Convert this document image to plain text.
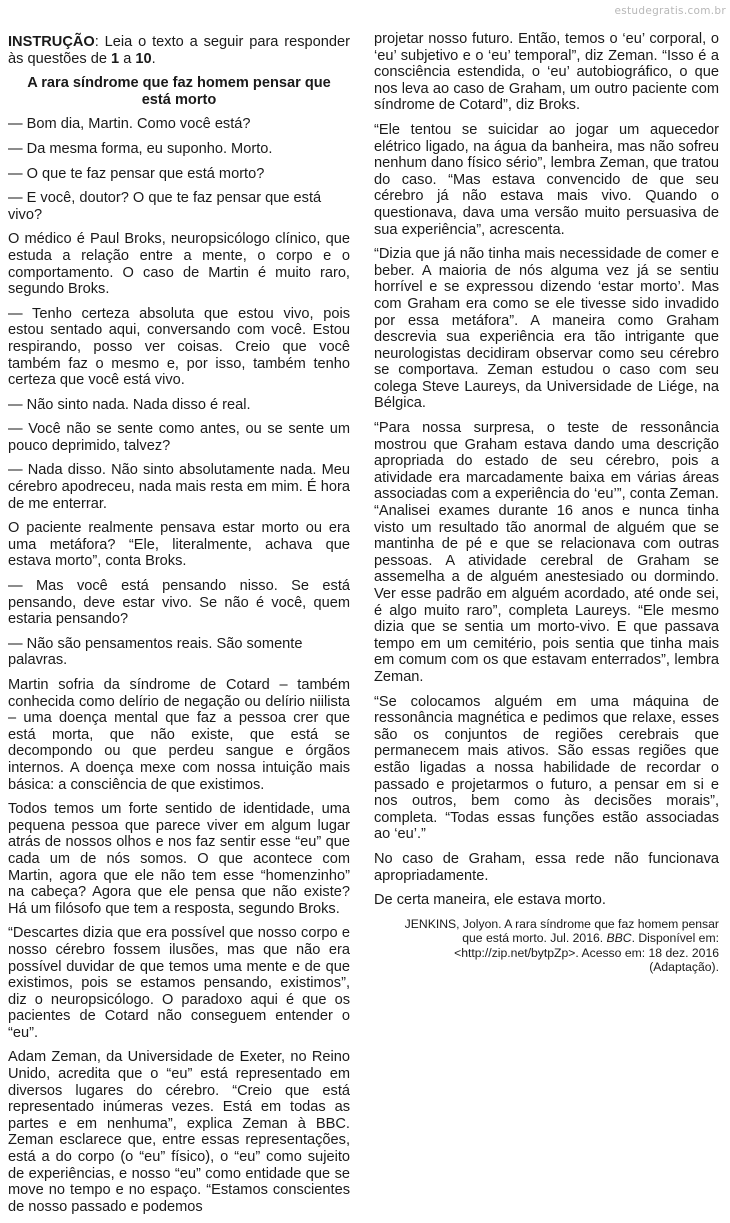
estudegratis.com.br

INSTRUÇÃO: Leia o texto a seguir para responder às questões de 1 a 10.

A rara síndrome que faz homem pensar que está morto

— Bom dia, Martin. Como você está?

— Da mesma forma, eu suponho. Morto.

— O que te faz pensar que está morto?

— E você, doutor? O que te faz pensar que está vivo?

O médico é Paul Broks, neuropsicólogo clínico, que estuda a relação entre a mente, o corpo e o comportamento. O caso de Martin é muito raro, segundo Broks.

— Tenho certeza absoluta que estou vivo, pois estou sentado aqui, conversando com você. Estou respirando, posso ver coisas. Creio que você também faz o mesmo e, por isso, também tenho certeza que você está vivo.

— Não sinto nada. Nada disso é real.

— Você não se sente como antes, ou se sente um pouco deprimido, talvez?

— Nada disso. Não sinto absolutamente nada. Meu cérebro apodreceu, nada mais resta em mim. É hora de me enterrar.

O paciente realmente pensava estar morto ou era uma metáfora? “Ele, literalmente, achava que estava morto”, conta Broks.

— Mas você está pensando nisso. Se está pensando, deve estar vivo. Se não é você, quem estaria pensando?

— Não são pensamentos reais. São somente palavras.

Martin sofria da síndrome de Cotard – também conhecida como delírio de negação ou delírio niilista – uma doença mental que faz a pessoa crer que está morta, que não existe, que está se decompondo ou que perdeu sangue e órgãos internos. A doença mexe com nossa intuição mais básica: a consciência de que existimos.

Todos temos um forte sentido de identidade, uma pequena pessoa que parece viver em algum lugar atrás de nossos olhos e nos faz sentir esse “eu” que cada um de nós somos. O que acontece com Martin, agora que ele não tem esse “homenzinho” na cabeça? Agora que ele pensa que não existe? Há um filósofo que tem a resposta, segundo Broks.

“Descartes dizia que era possível que nosso corpo e nosso cérebro fossem ilusões, mas que não era possível duvidar de que temos uma mente e de que existimos, pois se estamos pensando, existimos”, diz o neuropsicólogo. O paradoxo aqui é que os pacientes de Cotard não conseguem entender o “eu”.

Adam Zeman, da Universidade de Exeter, no Reino Unido, acredita que o “eu” está representado em diversos lugares do cérebro. “Creio que está representado inúmeras vezes. Está em todas as partes e em nenhuma”, explica Zeman à BBC. Zeman esclarece que, entre essas representações, está a do corpo (o “eu” físico), o “eu” como sujeito de experiências, e nosso “eu” como entidade que se move no tempo e no espaço. “Estamos conscientes de nosso passado e podemos

projetar nosso futuro. Então, temos o ‘eu’ corporal, o ‘eu’ subjetivo e o ‘eu’ temporal”, diz Zeman. “Isso é a consciência estendida, o ‘eu’ autobiográfico, o que nos leva ao caso de Graham, um outro paciente com síndrome de Cotard”, diz Broks.

“Ele tentou se suicidar ao jogar um aquecedor elétrico ligado, na água da banheira, mas não sofreu nenhum dano físico sério”, lembra Zeman, que tratou do caso. “Mas estava convencido de que seu cérebro já não estava mais vivo. Quando o questionava, dava uma versão muito persuasiva de sua experiência”, acrescenta.

“Dizia que já não tinha mais necessidade de comer e beber. A maioria de nós alguma vez já se sentiu horrível e se expressou dizendo ‘estar morto’. Mas com Graham era como se ele tivesse sido invadido por essa metáfora”. A maneira como Graham descrevia sua experiência era tão intrigante que neurologistas decidiram observar como seu cérebro se comportava. Zeman estudou o caso com seu colega Steve Laureys, da Universidade de Liége, na Bélgica.

“Para nossa surpresa, o teste de ressonância mostrou que Graham estava dando uma descrição apropriada do estado de seu cérebro, pois a atividade era marcadamente baixa em várias áreas associadas com a experiência do ‘eu’”, conta Zeman. “Analisei exames durante 16 anos e nunca tinha visto um resultado tão anormal de alguém que se mantinha de pé e que se relacionava com outras pessoas. A atividade cerebral de Graham se assemelha a de alguém anestesiado ou dormindo. Ver esse padrão em alguém acordado, até onde sei, é algo muito raro”, completa Laureys. “Ele mesmo dizia que se sentia um morto-vivo. E que passava tempo em um cemitério, pois sentia que tinha mais em comum com os que estavam enterrados”, lembra Zeman.

“Se colocamos alguém em uma máquina de ressonância magnética e pedimos que relaxe, esses são os conjuntos de regiões cerebrais que permanecem mais ativos. São essas regiões que estão ligadas a nossa habilidade de recordar o passado e projetarmos o futuro, a pensar em si e nos outros, bem como às decisões morais”, completa. “Todas essas funções estão associadas ao ‘eu’.”

No caso de Graham, essa rede não funcionava apropriadamente.

De certa maneira, ele estava morto.

JENKINS, Jolyon. A rara síndrome que faz homem pensar que está morto. Jul. 2016. BBC. Disponível em: <http://zip.net/bytpZp>. Acesso em: 18 dez. 2016 (Adaptação).
